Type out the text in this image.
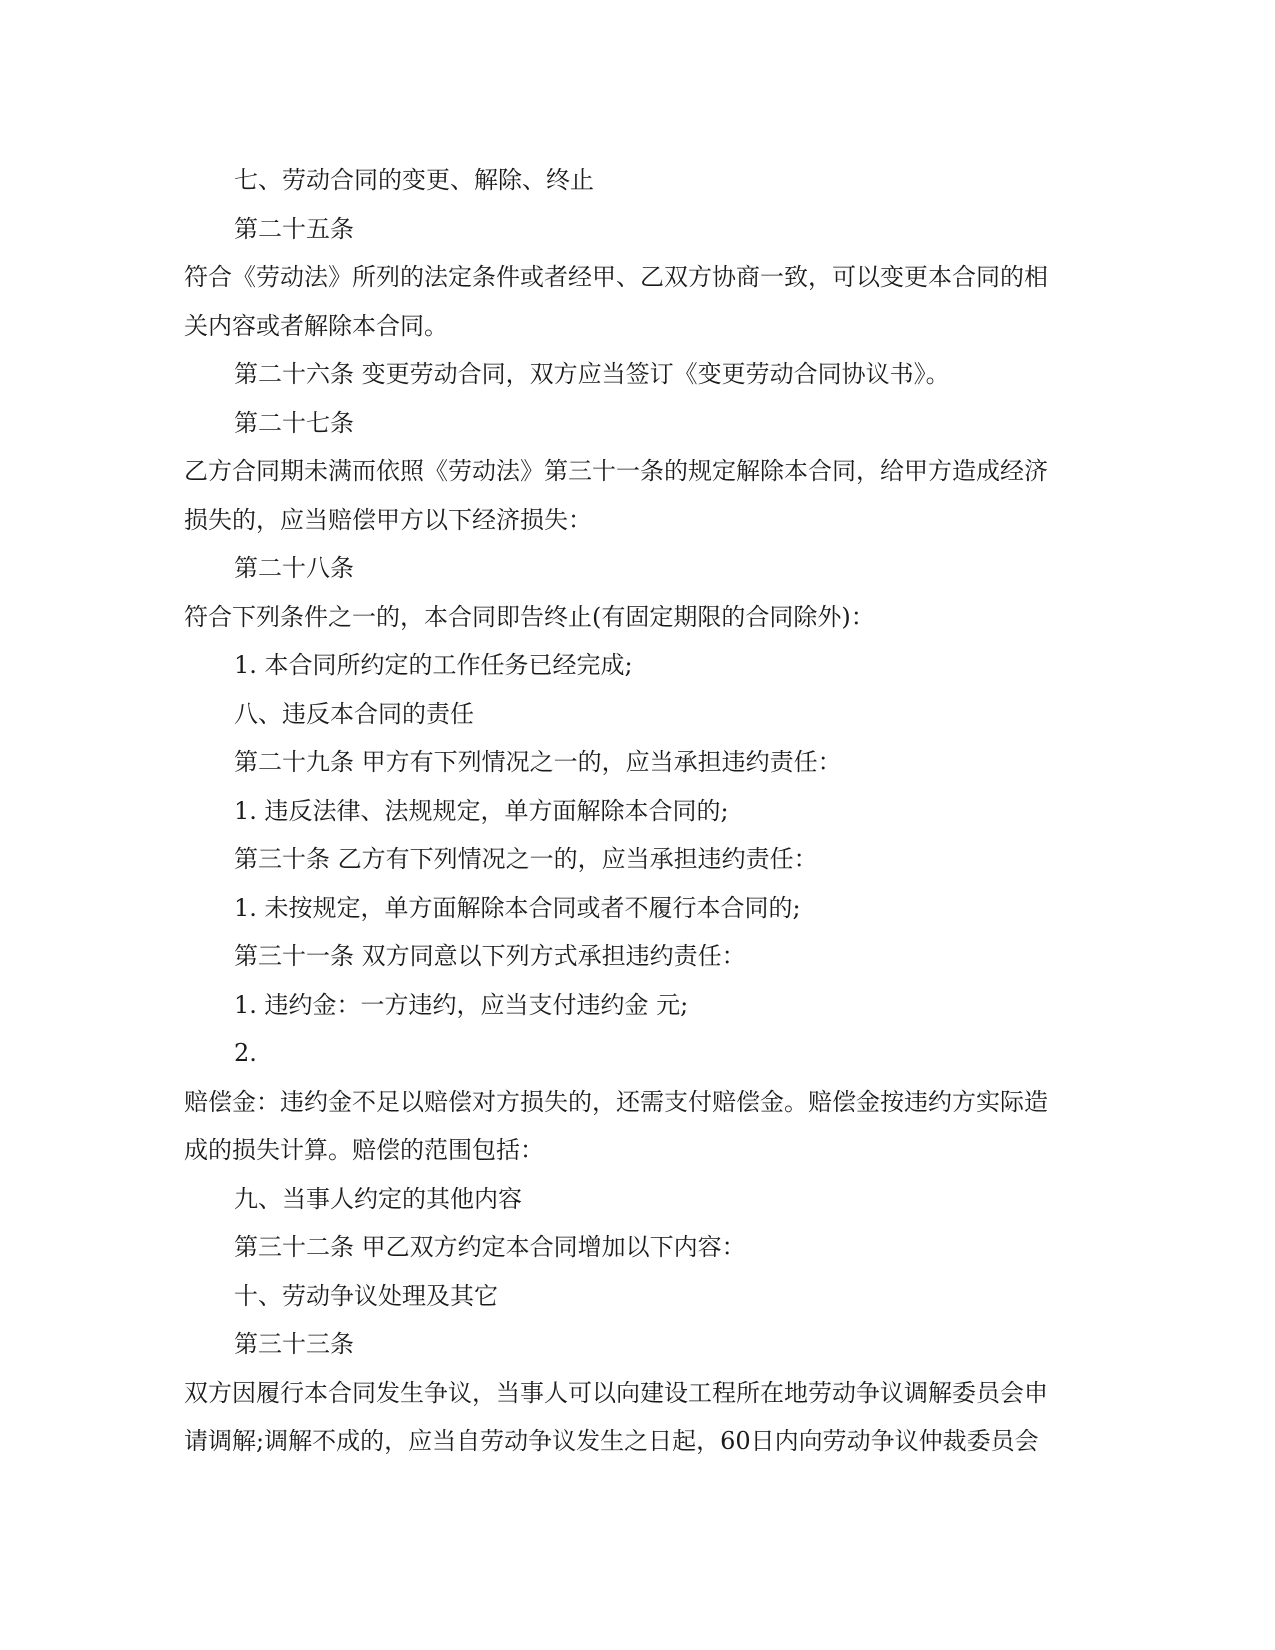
七、劳动合同的变更、解除、终止
第二十五条
符合《劳动法》所列的法定条件或者经甲、乙双方协商一致，可以变更本合同的相
关内容或者解除本合同。
第二十六条 变更劳动合同，双方应当签订《变更劳动合同协议书》。
第二十七条
乙方合同期未满而依照《劳动法》第三十一条的规定解除本合同，给甲方造成经济
损失的，应当赔偿甲方以下经济损失：
第二十八条
符合下列条件之一的，本合同即告终止(有固定期限的合同除外)：
1. 本合同所约定的工作任务已经完成;
八、违反本合同的责任
第二十九条 甲方有下列情况之一的，应当承担违约责任：
1. 违反法律、法规规定，单方面解除本合同的;
第三十条 乙方有下列情况之一的，应当承担违约责任：
1. 未按规定，单方面解除本合同或者不履行本合同的;
第三十一条 双方同意以下列方式承担违约责任：
1. 违约金：一方违约，应当支付违约金 元;
2.
赔偿金：违约金不足以赔偿对方损失的，还需支付赔偿金。赔偿金按违约方实际造
成的损失计算。赔偿的范围包括：
九、当事人约定的其他内容
第三十二条 甲乙双方约定本合同增加以下内容：
十、劳动争议处理及其它
第三十三条
双方因履行本合同发生争议，当事人可以向建设工程所在地劳动争议调解委员会申
请调解;调解不成的，应当自劳动争议发生之日起，60日内向劳动争议仲裁委员会
